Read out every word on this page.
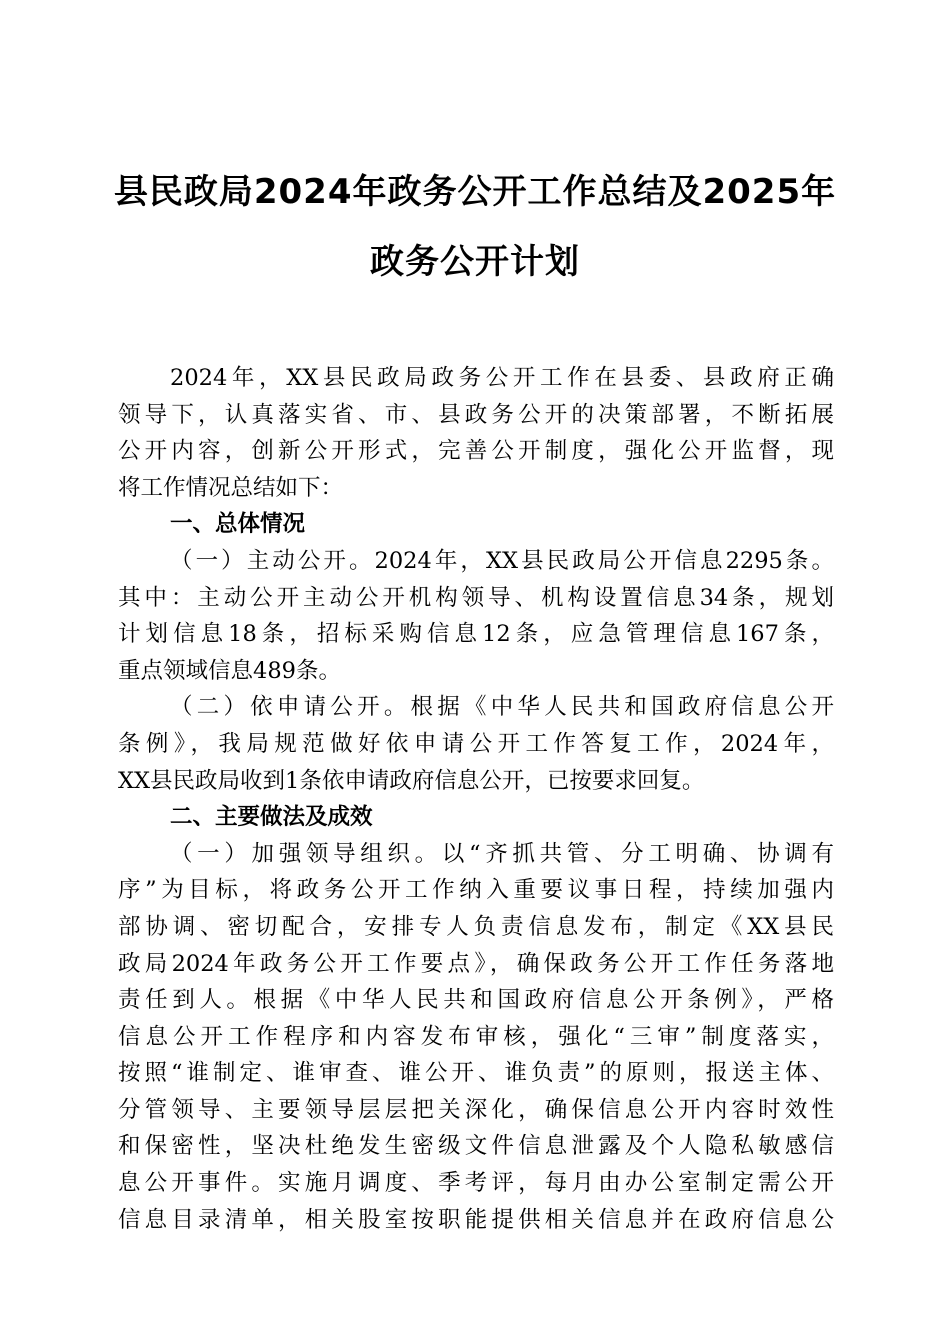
县民政局2024年政务公开工作总结及2025年
政务公开计划
2024年，XX县民政局政务公开工作在县委、县政府正确
领导下，认真落实省、市、县政务公开的决策部署，不断拓展
公开内容，创新公开形式，完善公开制度，强化公开监督，现
将工作情况总结如下：
一、总体情况
（一）主动公开。2024年，XX县民政局公开信息2295条。
其中：主动公开主动公开机构领导、机构设置信息34条，规划
计划信息18条，招标采购信息12条，应急管理信息167条，
重点领域信息489条。
（二）依申请公开。根据《中华人民共和国政府信息公开
条例》，我局规范做好依申请公开工作答复工作，2024年，
XX县民政局收到1条依申请政府信息公开，已按要求回复。
二、主要做法及成效
（一）加强领导组织。以“齐抓共管、分工明确、协调有
序”为目标，将政务公开工作纳入重要议事日程，持续加强内
部协调、密切配合，安排专人负责信息发布，制定《XX县民
政局2024年政务公开工作要点》，确保政务公开工作任务落地
责任到人。根据《中华人民共和国政府信息公开条例》，严格
信息公开工作程序和内容发布审核，强化“三审”制度落实，
按照“谁制定、谁审查、谁公开、谁负责”的原则，报送主体、
分管领导、主要领导层层把关深化，确保信息公开内容时效性
和保密性，坚决杜绝发生密级文件信息泄露及个人隐私敏感信
息公开事件。实施月调度、季考评，每月由办公室制定需公开
信息目录清单，相关股室按职能提供相关信息并在政府信息公
